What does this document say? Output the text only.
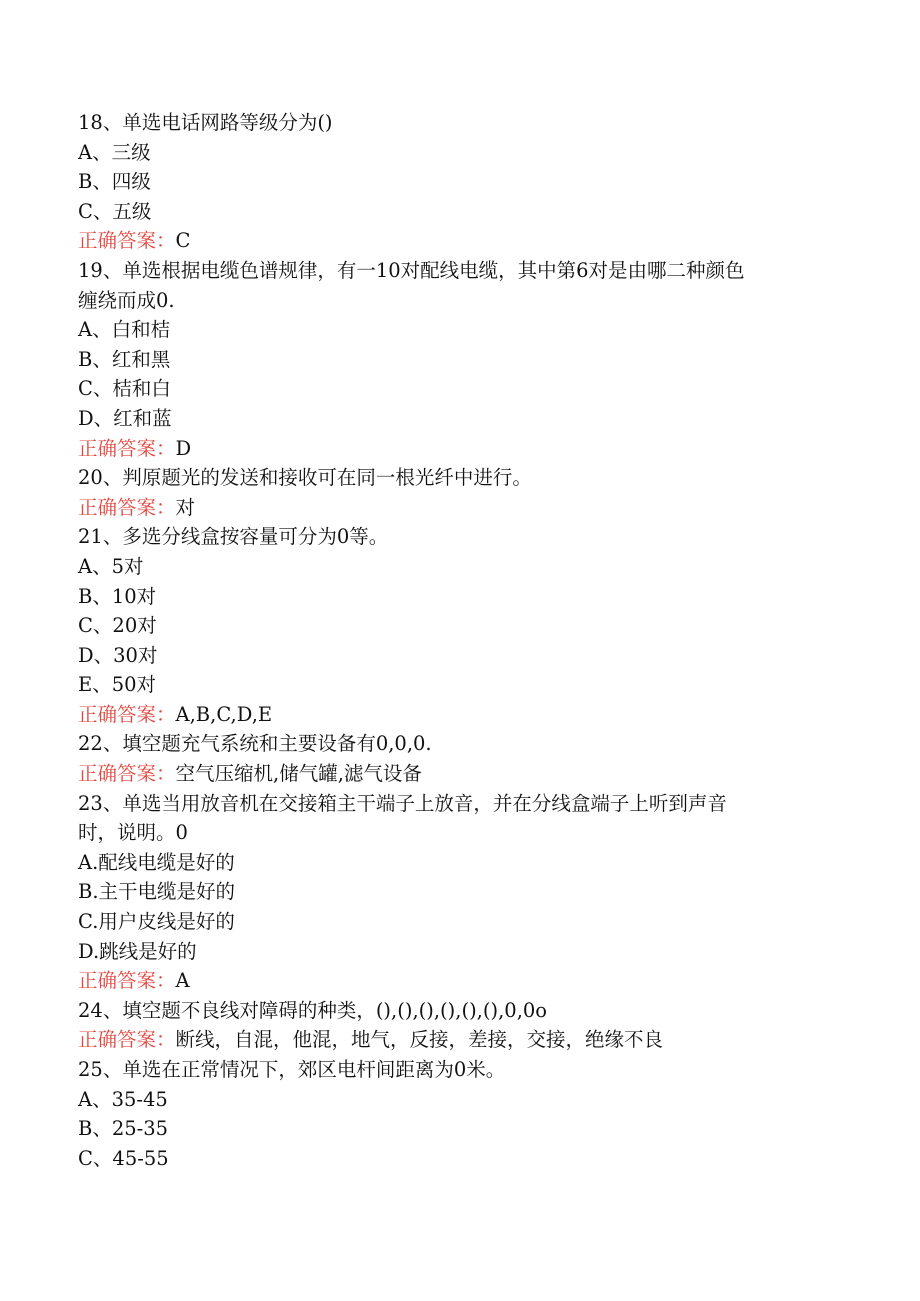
18、单选电话网路等级分为()
A、三级
B、四级
C、五级
正确答案：C
19、单选根据电缆色谱规律，有一10对配线电缆，其中第6对是由哪二种颜色
缠绕而成0.
A、白和桔
B、红和黑
C、桔和白
D、红和蓝
正确答案：D
20、判原题光的发送和接收可在同一根光纤中进行。
正确答案：对
21、多选分线盒按容量可分为0等。
A、5对
B、10对
C、20对
D、30对
E、50对
正确答案：A,B,C,D,E
22、填空题充气系统和主要设备有0,0,0.
正确答案：空气压缩机,储气罐,滤气设备
23、单选当用放音机在交接箱主干端子上放音，并在分线盒端子上听到声音
时，说明。0
A.配线电缆是好的
B.主干电缆是好的
C.用户皮线是好的
D.跳线是好的
正确答案：A
24、填空题不良线对障碍的种类，(),(),(),(),(),(),0,0o
正确答案：断线，自混，他混，地气，反接，差接，交接，绝缘不良
25、单选在正常情况下，郊区电杆间距离为0米。
A、35-45
B、25-35
C、45-55
